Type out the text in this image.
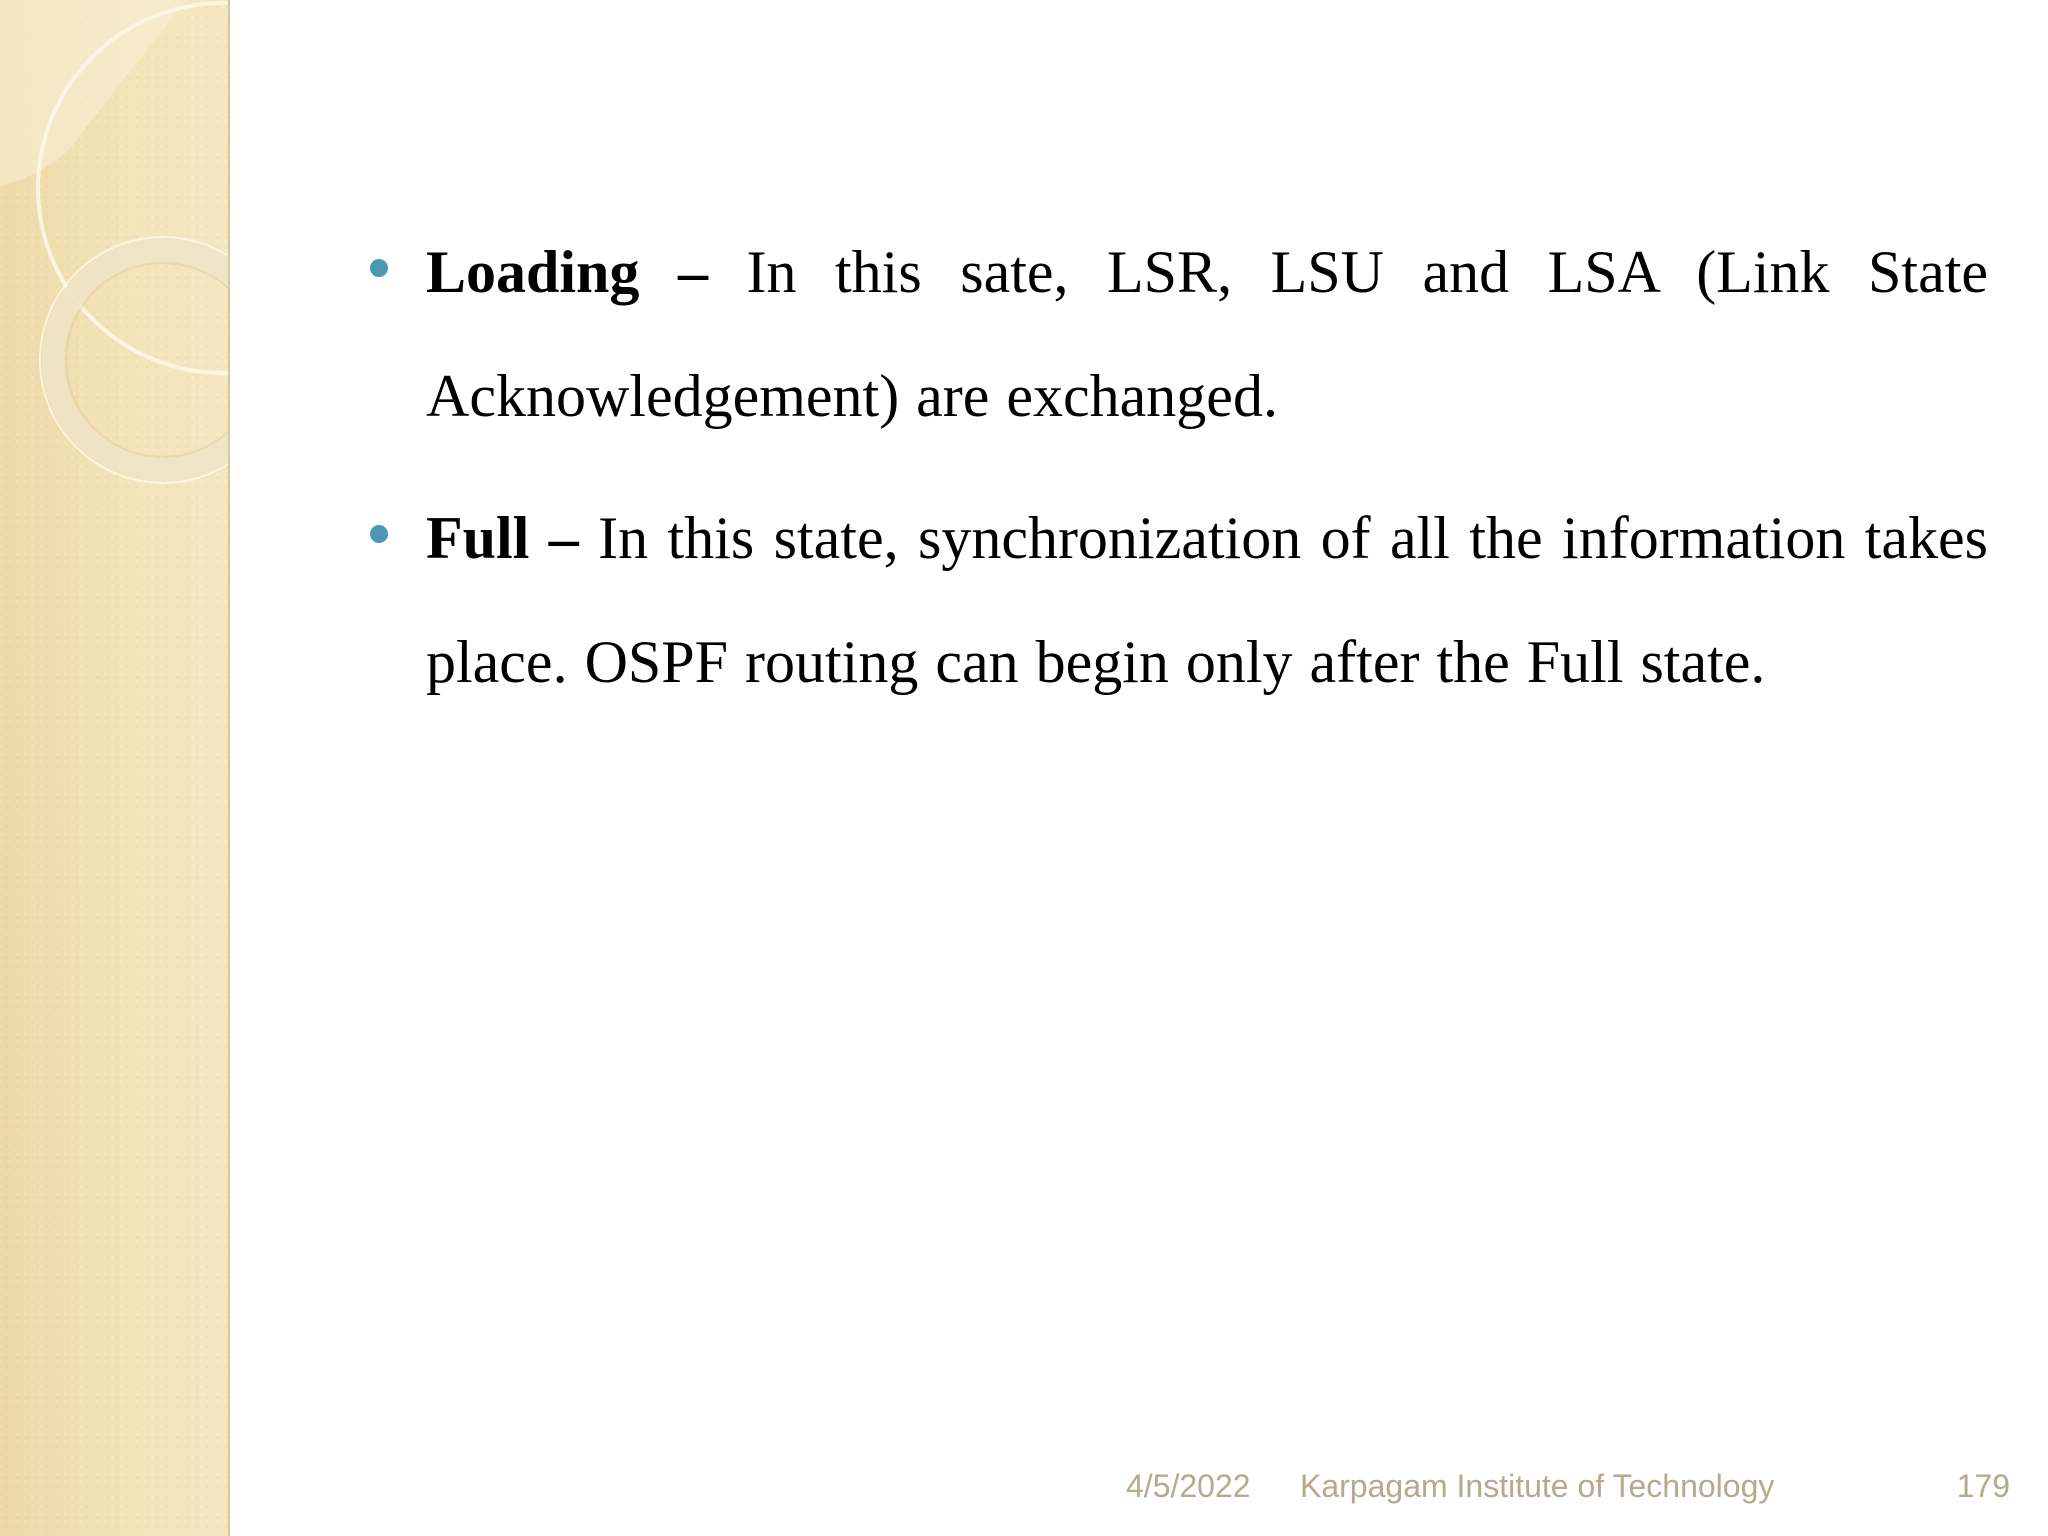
Loading – In this sate, LSR, LSU and LSA (Link State Acknowledgement) are exchanged.
Full – In this state, synchronization of all the information takes place. OSPF routing can begin only after the Full state.
4/5/2022 Karpagam Institute of Technology	179
